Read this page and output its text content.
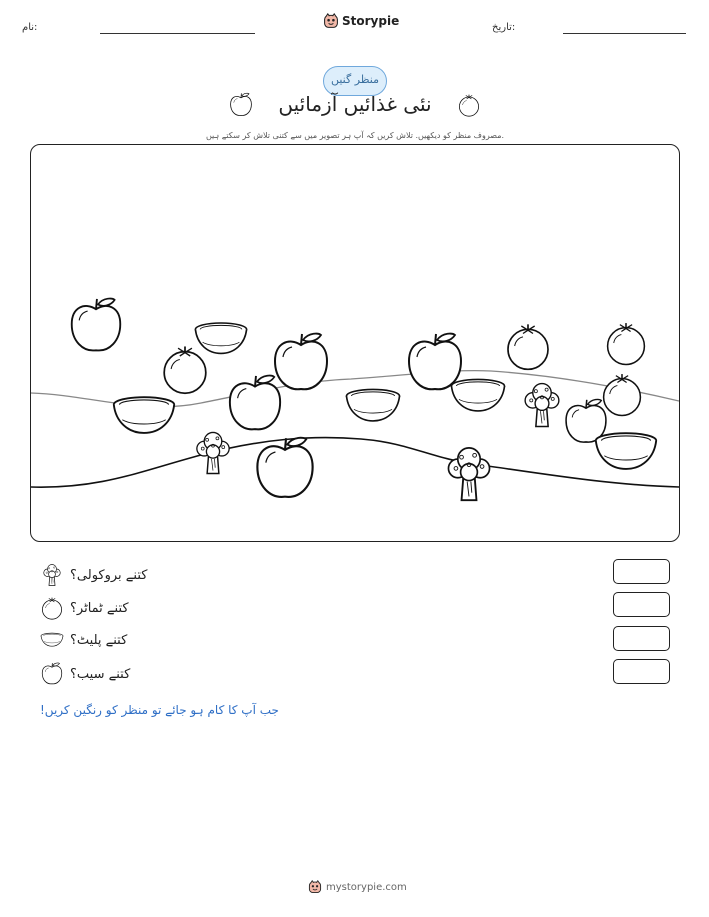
نام:	Storypie	تاریخ:
منظر گنیں
نئی غذائیں آزمائیں
مصروف منظر کو دیکھیں. تلاش کریں کہ آپ ہر تصویر میں سے کتنی تلاش کر سکتے ہیں.
کتنے بروکولی؟
کتنے ٹماٹر؟
کتنے پلیٹ؟
کتنے سیب؟
جب آپ کا کام ہو جائے تو منظر کو رنگین کریں!
mystorypie.com
